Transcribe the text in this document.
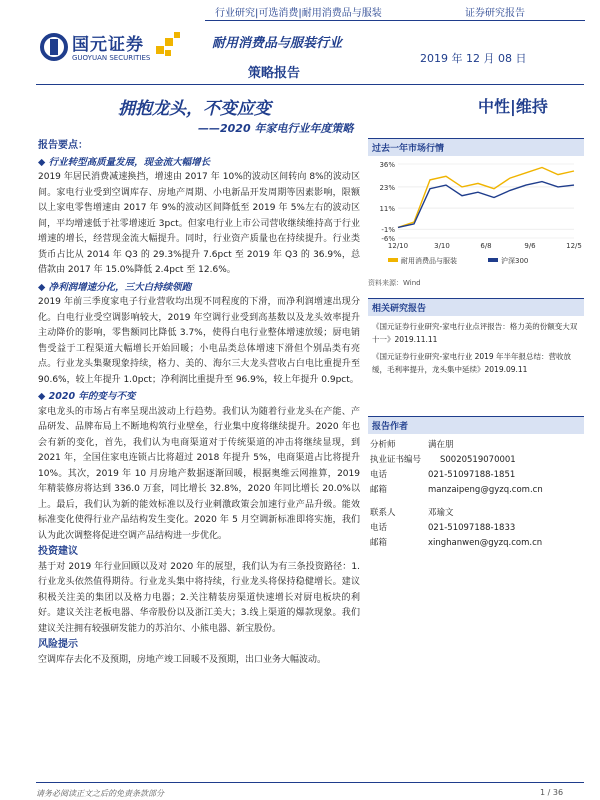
行业研究|可选消费|耐用消费品与服装	证券研究报告
国元证券
GUOYUAN SECURITIES
耐用消费品与服装行业
策略报告
2019 年 12 月 08 日
拥抱龙头，不变应变
——2020 年家电行业年度策略
中性|维持
报告要点：
◆ 行业转型高质量发展，现金流大幅增长
2019 年居民消费减速换挡，增速由 2017 年 10%的波动区间转向 8%的波动区间。家电行业受到空调库存、房地产周期、小电新品开发周期等因素影响，限额以上家电零售增速由 2017 年 9%的波动区间降低至 2019 年 5%左右的波动区间，平均增速低于社零增速近 3pct。但家电行业上市公司营收继续维持高于行业增速的增长，经营现金流大幅提升。同时，行业资产质量也在持续提升。行业类货币占比从 2014 年 Q3 的 29.3%提升 7.6pct 至 2019 年 Q3 的 36.9%，总借款由 2017 年 15.0%降低 2.4pct 至 12.6%。
◆ 净利润增速分化，三大白持续领跑
2019 年前三季度家电子行业营收均出现不同程度的下滑，而净利润增速出现分化。白电行业受空调影响较大，2019 年空调行业受到高基数以及龙头效率提升主动降价的影响，零售额同比降低 3.7%，使得白电行业整体增速放缓；厨电销售受益于工程渠道大幅增长开始回暖；小电品类总体增速下滑但个别品类有亮点。行业龙头集聚现象持续，格力、美的、海尔三大龙头营收占白电比重提升至 90.6%，较上年提升 1.0pct；净利润比重提升至 96.9%，较上年提升 0.9pct。
◆ 2020 年的变与不变
家电龙头的市场占有率呈现出波动上行趋势。我们认为随着行业龙头在产能、产品研发、品牌布局上不断地构筑行业壁垒，行业集中度将继续提升。2020 年也会有新的变化，首先，我们认为电商渠道对于传统渠道的冲击将继续显现，到 2021 年，全国住家电连锁占比将超过 2018 年提升 5%，电商渠道占比将提升 10%。其次，2019 年 10 月房地产数据逐渐回暖，根据奥维云网推算，2019 年精装修房将达到 336.0 万套，同比增长 32.8%，2020 年同比增长 20.0%以上。最后，我们认为新的能效标准以及行业刺激政策会加速行业产品升级。能效标准变化使得行业产品结构发生变化。2020 年 5 月空调新标准即将实施，我们认为此次调整将促进空调产品结构进一步优化。
投资建议
基于对 2019 年行业回顾以及对 2020 年的展望，我们认为有三条投资路径：1.行业龙头依然值得期待。行业龙头集中将持续，行业龙头将保持稳健增长。建议积极关注美的集团以及格力电器；2.关注精装房渠道快速增长对厨电板块的利好。建议关注老板电器、华帝股份以及浙江美大；3.线上渠道的爆款现象。我们建议关注拥有较强研发能力的苏泊尔、小熊电器、新宝股份。
风险提示
空调库存去化不及预期，房地产竣工回暖不及预期，出口业务大幅波动。
过去一年市场行情
36%
23%
11%
-1%
-6%
12/10	3/10	6/8	9/6	12/5
耐用消费品与服装	沪深300
资料来源：Wind
相关研究报告
《国元证券行业研究-家电行业点评报告：格力美的份额变大双十一》2019.11.11
《国元证券行业研究-家电行业 2019 年半年报总结：营收放缓，毛利率提升，龙头集中延续》2019.09.11
报告作者
分析师	满在朋
执业证书编号	S0020519070001
电话	021-51097188-1851
邮箱	manzaipeng@gyzq.com.cn
联系人	邓瑜文
电话	021-51097188-1833
邮箱	xinghanwen@gyzq.com.cn
请务必阅读正文之后的免责条款部分	1 / 36
